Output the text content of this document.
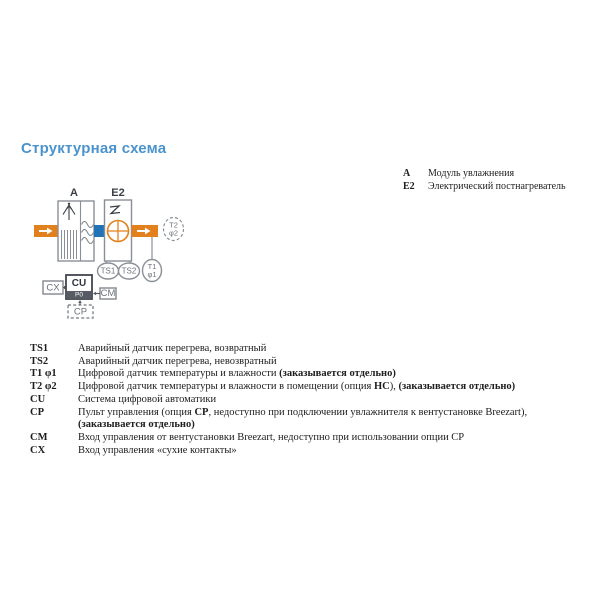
Структурная схема
А	Модуль увлажнения
Е2	Электрический постнагреватель
А	Е2
T2
φ2
T1
φ1
TS1 TS2
CX CU
P0 CM
CP
TS1	Аварийный датчик перегрева, возвратный
TS2	Аварийный датчик перегрева, невозвратный
T1 φ1	Цифровой датчик температуры и влажности (заказывается отдельно)
T2 φ2	Цифровой датчик температуры и влажности в помещении (опция НС), (заказывается отдельно)
CU	Система цифровой автоматики
CP	Пульт управления (опция СР, недоступно при подключении увлажнителя к вентустановке Breezart), (заказывается отдельно)
CM	Вход управления от вентустановки Breezart, недоступно при использовании опции СР
CX	Вход управления «сухие контакты»
